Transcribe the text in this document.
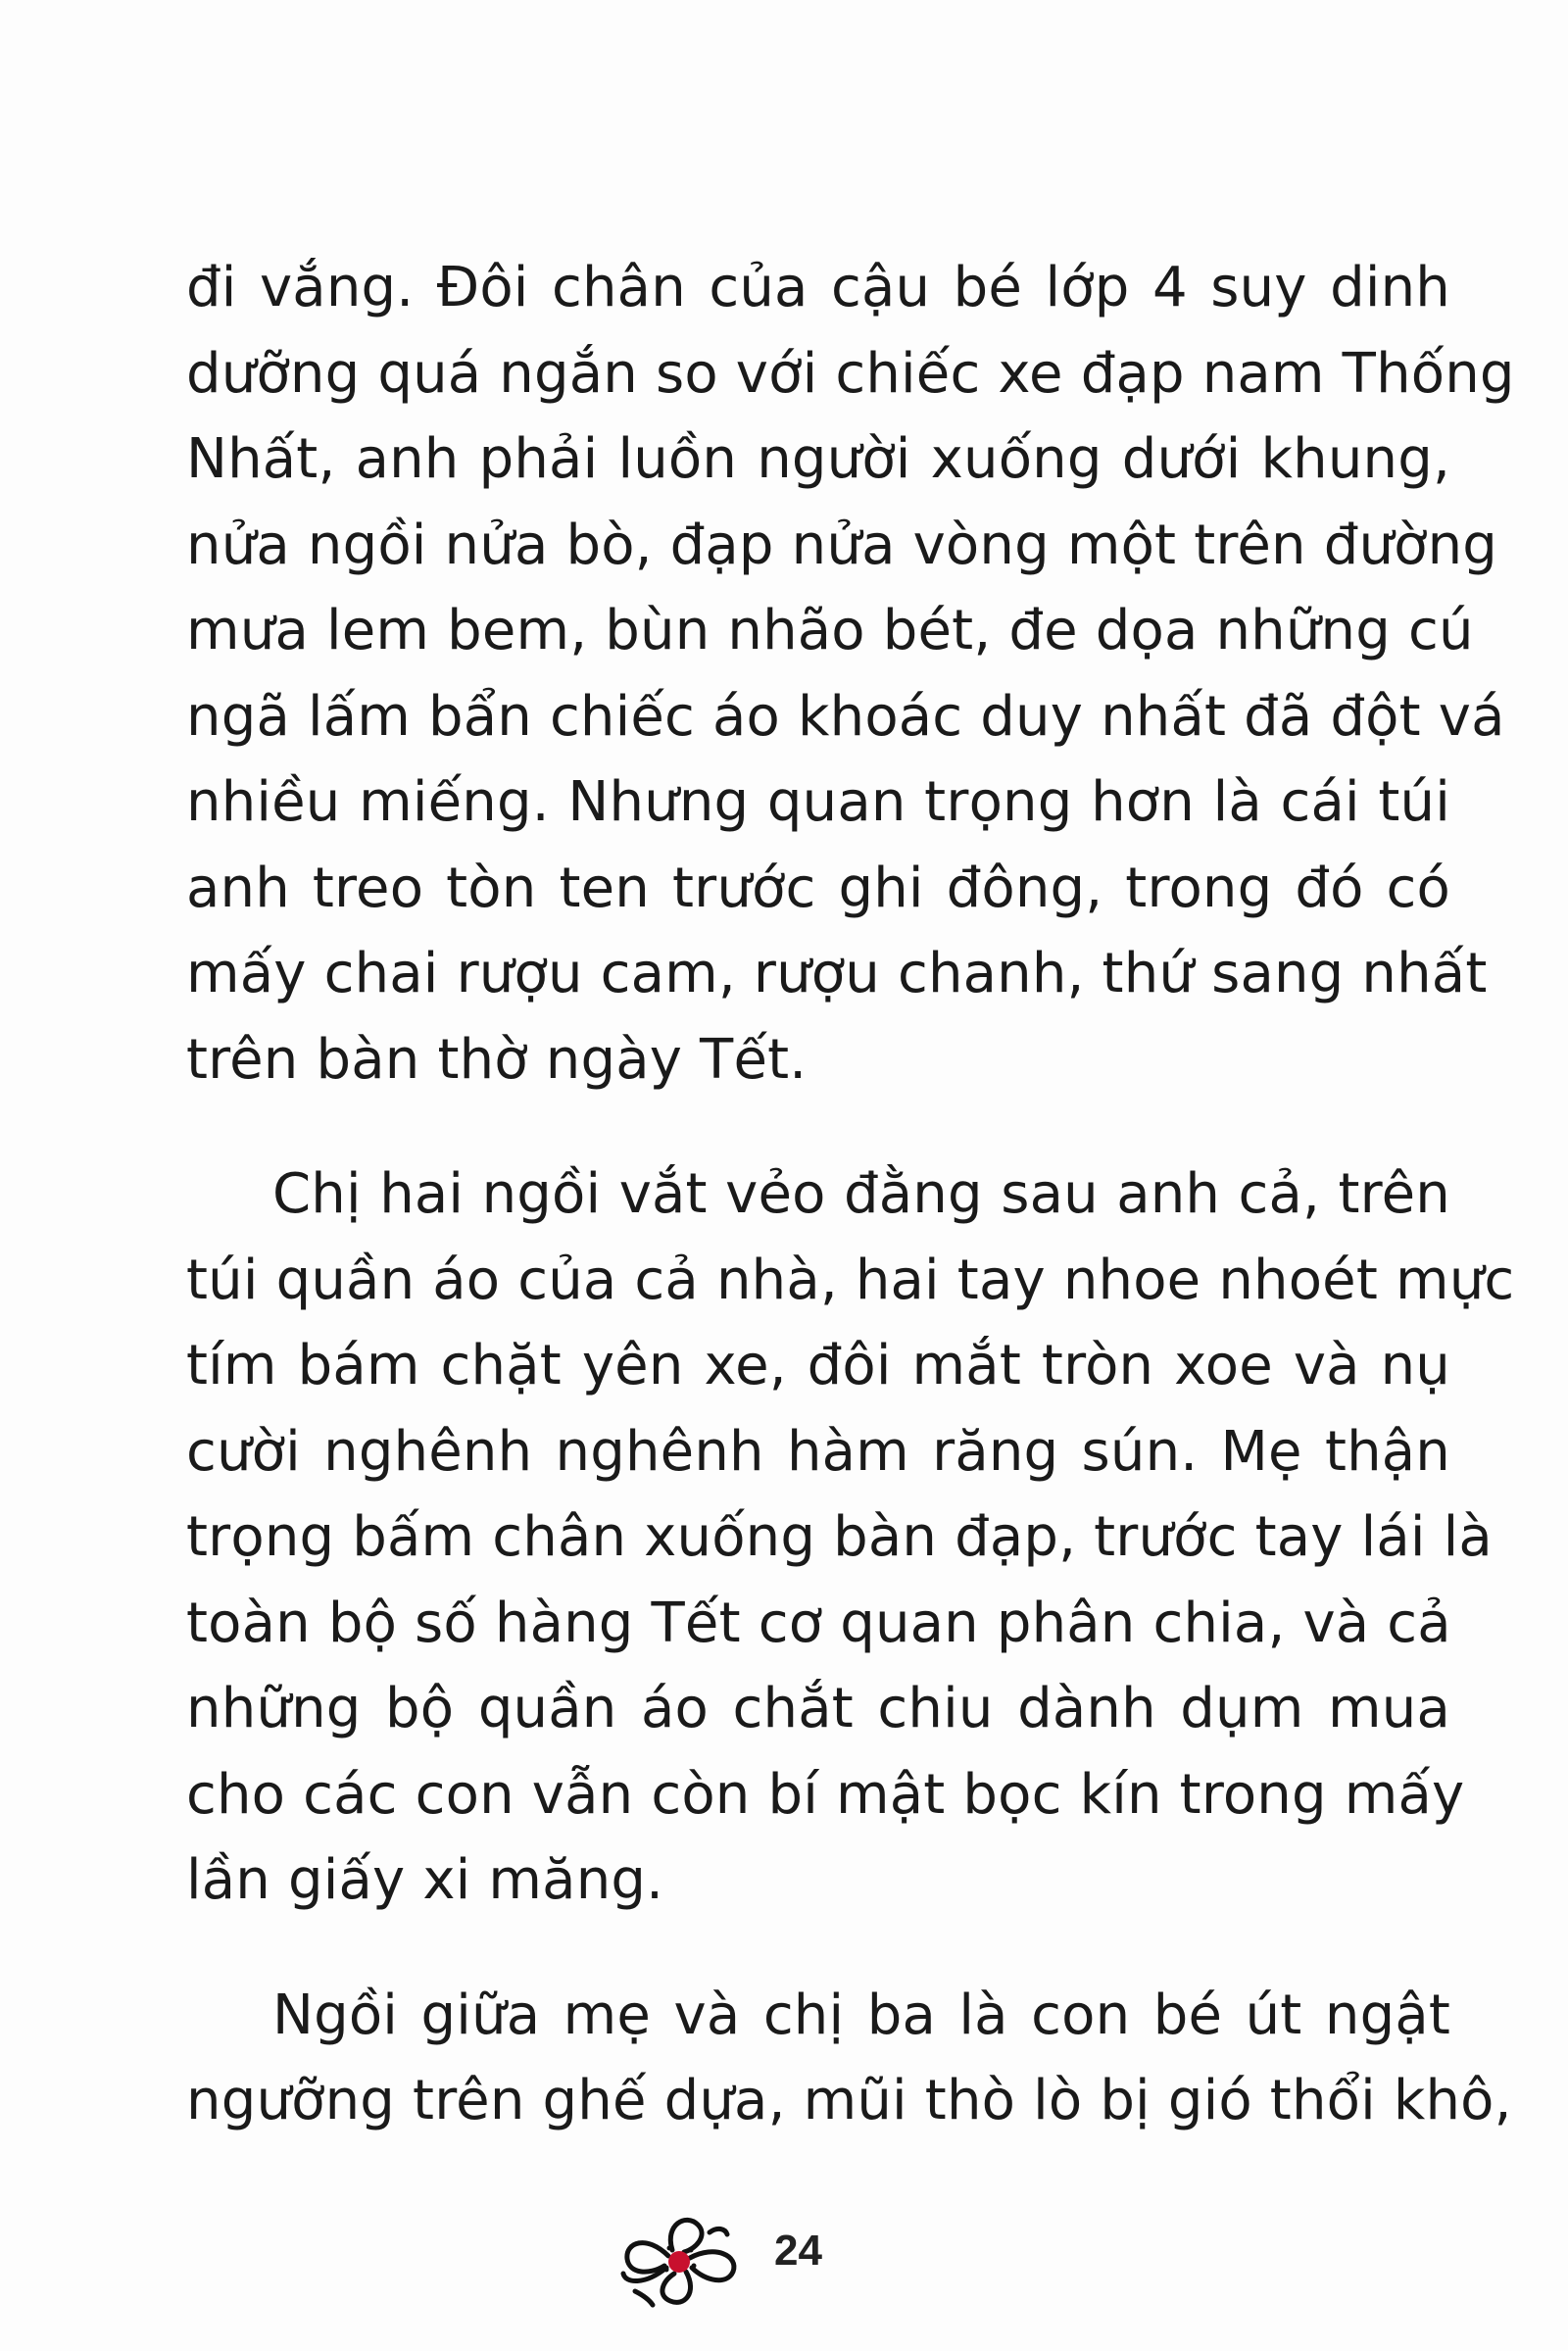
đi vắng. Đôi chân của cậu bé lớp 4 suy dinh
dưỡng quá ngắn so với chiếc xe đạp nam Thống
Nhất, anh phải luồn người xuống dưới khung,
nửa ngồi nửa bò, đạp nửa vòng một trên đường
mưa lem bem, bùn nhão bét, đe dọa những cú
ngã lấm bẩn chiếc áo khoác duy nhất đã đột vá
nhiều miếng. Nhưng quan trọng hơn là cái túi
anh treo tòn ten trước ghi đông, trong đó có
mấy chai rượu cam, rượu chanh, thứ sang nhất
trên bàn thờ ngày Tết.
Chị hai ngồi vắt vẻo đằng sau anh cả, trên
túi quần áo của cả nhà, hai tay nhoe nhoét mực
tím bám chặt yên xe, đôi mắt tròn xoe và nụ
cười nghênh nghênh hàm răng sún. Mẹ thận
trọng bấm chân xuống bàn đạp, trước tay lái là
toàn bộ số hàng Tết cơ quan phân chia, và cả
những bộ quần áo chắt chiu dành dụm mua
cho các con vẫn còn bí mật bọc kín trong mấy
lần giấy xi măng.
Ngồi giữa mẹ và chị ba là con bé út ngật
ngưỡng trên ghế dựa, mũi thò lò bị gió thổi khô,
24
